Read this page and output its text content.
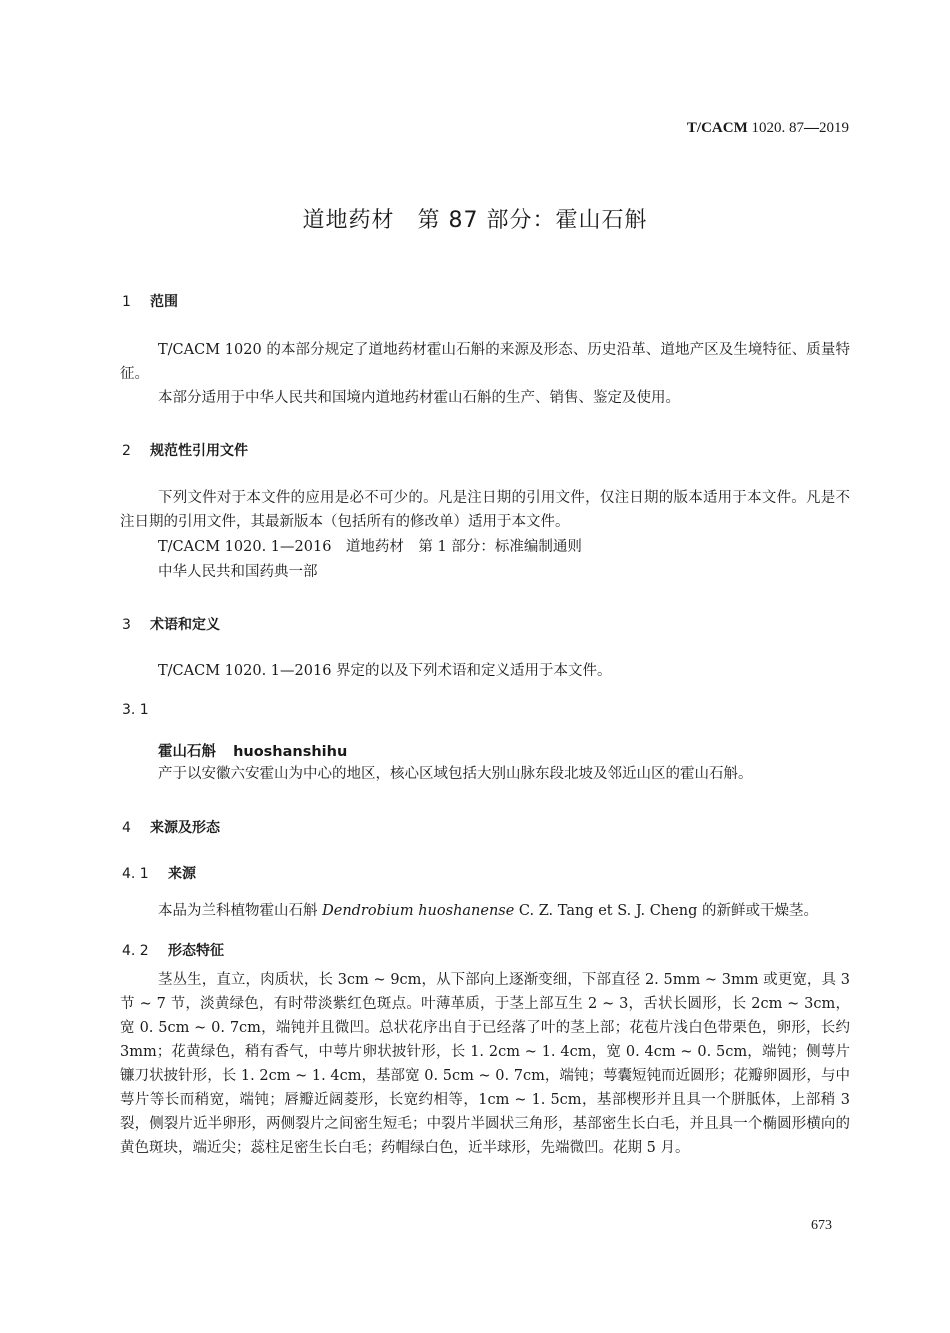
T/CACM 1020. 87—2019
道地药材　第 87 部分：霍山石斛
1 范围
T/CACM 1020 的本部分规定了道地药材霍山石斛的来源及形态、历史沿革、道地产区及生境特征、质量特征。
本部分适用于中华人民共和国境内道地药材霍山石斛的生产、销售、鉴定及使用。
2 规范性引用文件
下列文件对于本文件的应用是必不可少的。凡是注日期的引用文件，仅注日期的版本适用于本文件。凡是不注日期的引用文件，其最新版本（包括所有的修改单）适用于本文件。
T/CACM 1020. 1—2016　道地药材　第 1 部分：标准编制通则
中华人民共和国药典一部
3 术语和定义
T/CACM 1020. 1—2016 界定的以及下列术语和定义适用于本文件。
3. 1
霍山石斛 huoshanshihu
产于以安徽六安霍山为中心的地区，核心区域包括大别山脉东段北坡及邻近山区的霍山石斛。
4 来源及形态
4. 1 来源
本品为兰科植物霍山石斛 Dendrobium huoshanense C. Z. Tang et S. J. Cheng 的新鲜或干燥茎。
4. 2 形态特征
茎丛生，直立，肉质状，长 3cm ~ 9cm，从下部向上逐渐变细，下部直径 2. 5mm ~ 3mm 或更宽，具 3 节 ~ 7 节，淡黄绿色，有时带淡紫红色斑点。叶薄革质，于茎上部互生 2 ~ 3，舌状长圆形，长 2cm ~ 3cm，宽 0. 5cm ~ 0. 7cm，端钝并且微凹。总状花序出自于已经落了叶的茎上部；花苞片浅白色带栗色，卵形，长约 3mm；花黄绿色，稍有香气，中萼片卵状披针形，长 1. 2cm ~ 1. 4cm，宽 0. 4cm ~ 0. 5cm，端钝；侧萼片镰刀状披针形，长 1. 2cm ~ 1. 4cm，基部宽 0. 5cm ~ 0. 7cm，端钝；萼囊短钝而近圆形；花瓣卵圆形，与中萼片等长而稍宽，端钝；唇瓣近阔菱形，长宽约相等，1cm ~ 1. 5cm，基部楔形并且具一个胼胝体，上部稍 3 裂，侧裂片近半卵形，两侧裂片之间密生短毛；中裂片半圆状三角形，基部密生长白毛，并且具一个椭圆形横向的黄色斑块，端近尖；蕊柱足密生长白毛；药帽绿白色，近半球形，先端微凹。花期 5 月。
673
